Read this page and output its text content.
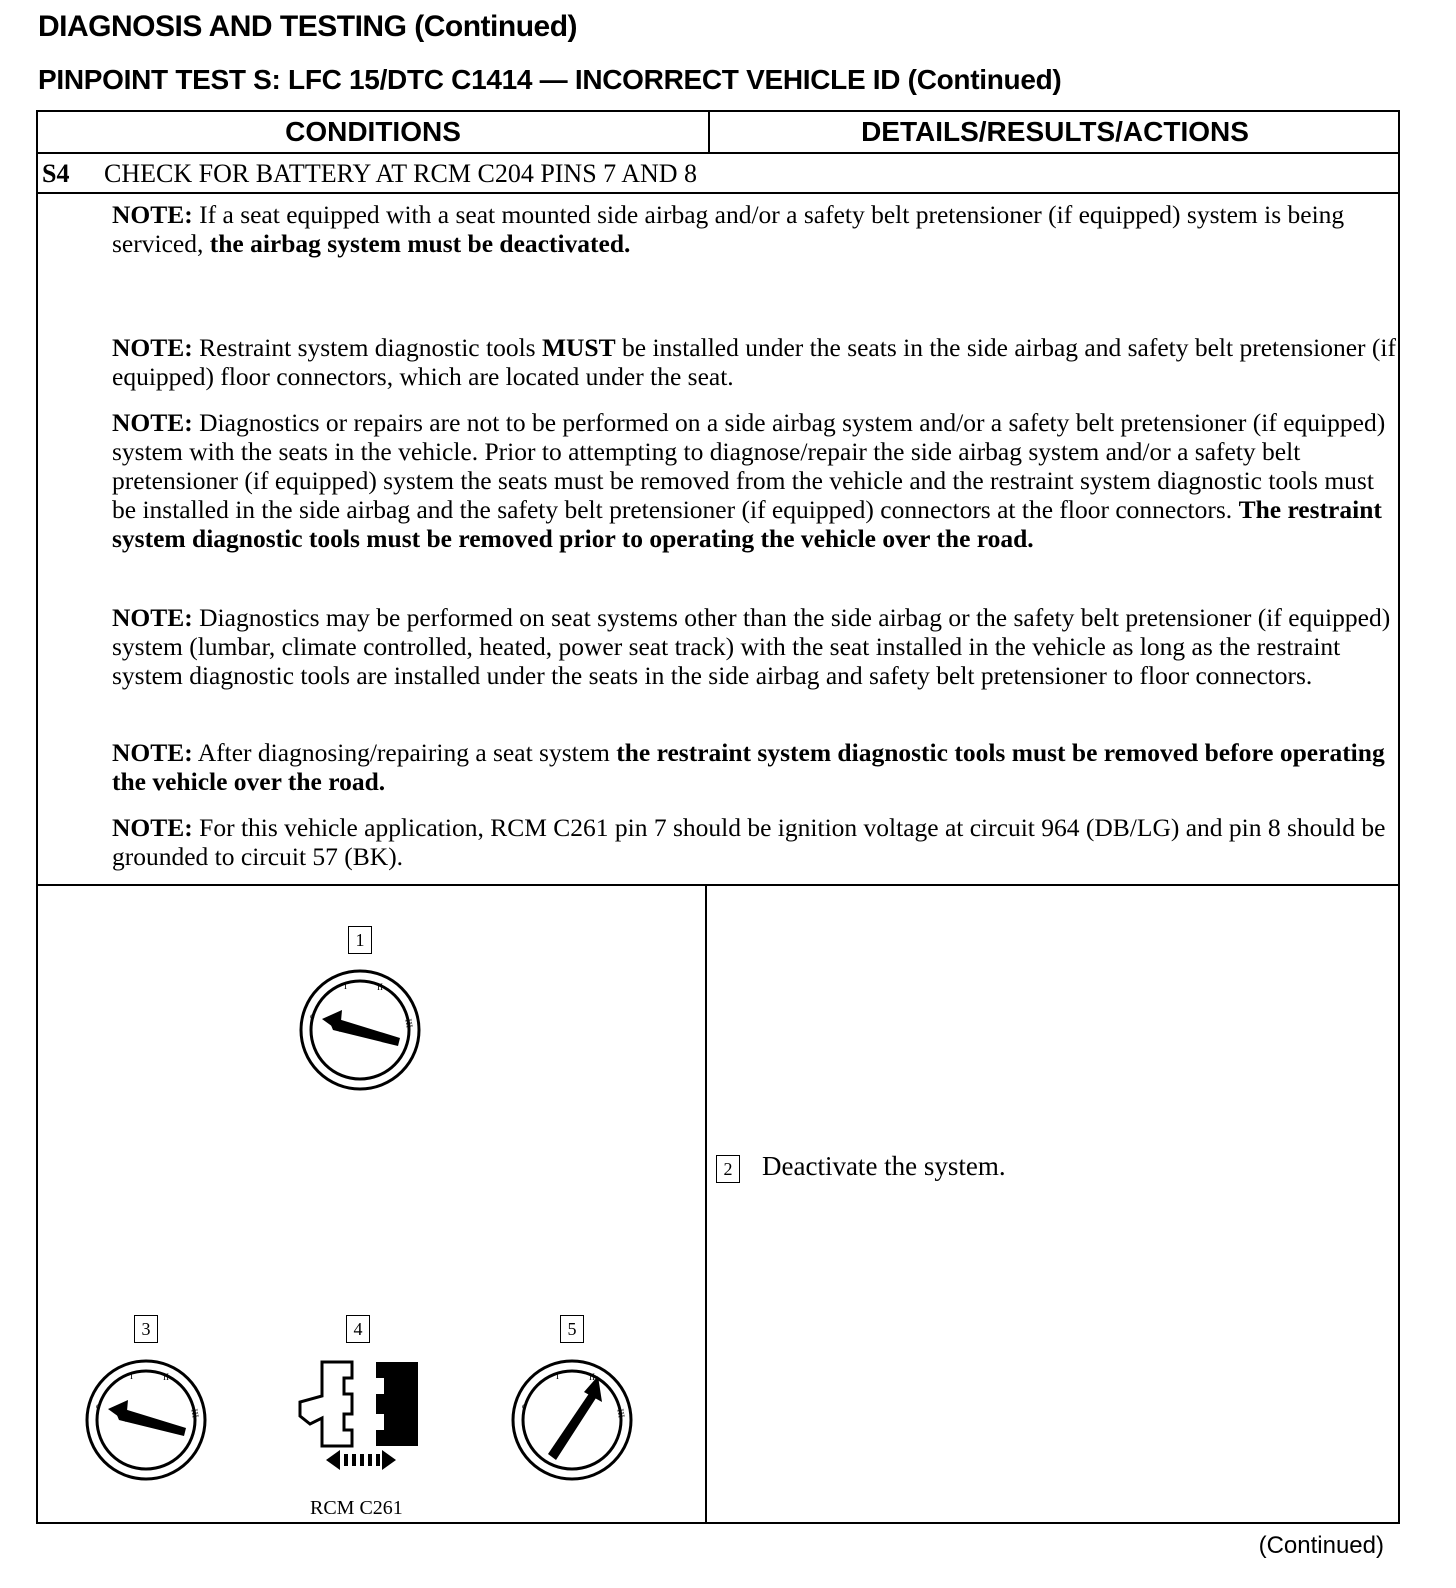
DIAGNOSIS AND TESTING (Continued)
PINPOINT TEST S: LFC 15/DTC C1414 — INCORRECT VEHICLE ID (Continued)
CONDITIONS	DETAILS/RESULTS/ACTIONS
S4 CHECK FOR BATTERY AT RCM C204 PINS 7 AND 8

NOTE: If a seat equipped with a seat mounted side airbag and/or a safety belt pretensioner (if equipped) system is being serviced, the airbag system must be deactivated.

NOTE: Restraint system diagnostic tools MUST be installed under the seats in the side airbag and safety belt pretensioner (if equipped) floor connectors, which are located under the seat.

NOTE: Diagnostics or repairs are not to be performed on a side airbag system and/or a safety belt pretensioner (if equipped) system with the seats in the vehicle. Prior to attempting to diagnose/repair the side airbag system and/or a safety belt pretensioner (if equipped) system the seats must be removed from the vehicle and the restraint system diagnostic tools must be installed in the side airbag and the safety belt pretensioner (if equipped) connectors at the floor connectors. The restraint system diagnostic tools must be removed prior to operating the vehicle over the road.

NOTE: Diagnostics may be performed on seat systems other than the side airbag or the safety belt pretensioner (if equipped) system (lumbar, climate controlled, heated, power seat track) with the seat installed in the vehicle as long as the restraint system diagnostic tools are installed under the seats in the side airbag and safety belt pretensioner to floor connectors.

NOTE: After diagnosing/repairing a seat system the restraint system diagnostic tools must be removed before operating the vehicle over the road.

NOTE: For this vehicle application, RCM C261 pin 7 should be ignition voltage at circuit 964 (DB/LG) and pin 8 should be grounded to circuit 57 (BK).

1
o
I	II
III
3
o
I	II
III
4
RCM C261
5
o
I	II
III
2 Deactivate the system.
(Continued)
